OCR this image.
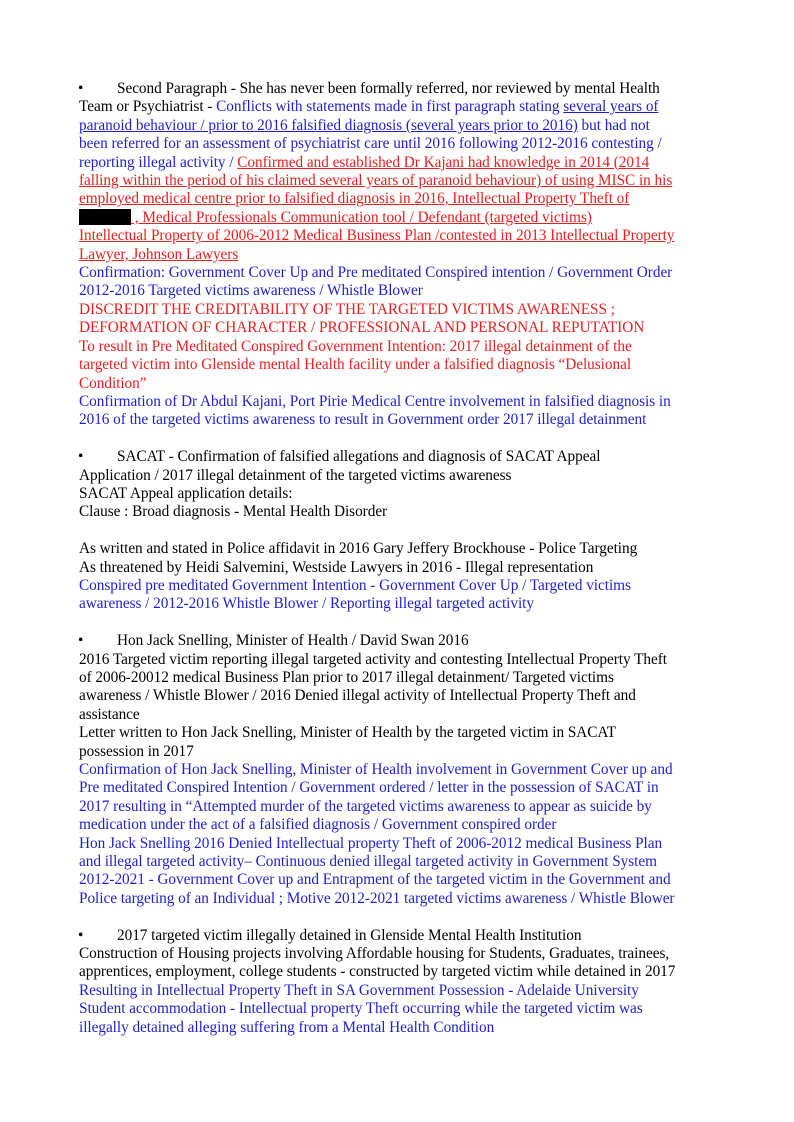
• Second Paragraph - She has never been formally referred, nor reviewed by mental Health
Team or Psychiatrist - Conflicts with statements made in first paragraph stating several years of
paranoid behaviour / prior to 2016 falsified diagnosis (several years prior to 2016) but had not
been referred for an assessment of psychiatrist care until 2016 following 2012-2016 contesting /
reporting illegal activity / Confirmed and established Dr Kajani had knowledge in 2014 (2014
falling within the period of his claimed several years of paranoid behaviour) of using MISC in his
employed medical centre prior to falsified diagnosis in 2016, Intellectual Property Theft of
, Medical Professionals Communication tool / Defendant (targeted victims)
Intellectual Property of 2006-2012 Medical Business Plan /contested in 2013 Intellectual Property
Lawyer, Johnson Lawyers
Confirmation: Government Cover Up and Pre meditated Conspired intention / Government Order
2012-2016 Targeted victims awareness / Whistle Blower
DISCREDIT THE CREDITABILITY OF THE TARGETED VICTIMS AWARENESS ;
DEFORMATION OF CHARACTER / PROFESSIONAL AND PERSONAL REPUTATION
To result in Pre Meditated Conspired Government Intention: 2017 illegal detainment of the
targeted victim into Glenside mental Health facility under a falsified diagnosis “Delusional
Condition”
Confirmation of Dr Abdul Kajani, Port Pirie Medical Centre involvement in falsified diagnosis in
2016 of the targeted victims awareness to result in Government order 2017 illegal detainment
• SACAT - Confirmation of falsified allegations and diagnosis of SACAT Appeal
Application / 2017 illegal detainment of the targeted victims awareness
SACAT Appeal application details:
Clause : Broad diagnosis - Mental Health Disorder

As written and stated in Police affidavit in 2016 Gary Jeffery Brockhouse - Police Targeting
As threatened by Heidi Salvemini, Westside Lawyers in 2016 - Illegal representation
Conspired pre meditated Government Intention - Government Cover Up / Targeted victims
awareness / 2012-2016 Whistle Blower / Reporting illegal targeted activity
• Hon Jack Snelling, Minister of Health / David Swan 2016
2016 Targeted victim reporting illegal targeted activity and contesting Intellectual Property Theft
of 2006-20012 medical Business Plan prior to 2017 illegal detainment/ Targeted victims
awareness / Whistle Blower / 2016 Denied illegal activity of Intellectual Property Theft and
assistance
Letter written to Hon Jack Snelling, Minister of Health by the targeted victim in SACAT
possession in 2017
Confirmation of Hon Jack Snelling, Minister of Health involvement in Government Cover up and
Pre meditated Conspired Intention / Government ordered / letter in the possession of SACAT in
2017 resulting in “Attempted murder of the targeted victims awareness to appear as suicide by
medication under the act of a falsified diagnosis / Government conspired order
Hon Jack Snelling 2016 Denied Intellectual property Theft of 2006-2012 medical Business Plan
and illegal targeted activity– Continuous denied illegal targeted activity in Government System
2012-2021 - Government Cover up and Entrapment of the targeted victim in the Government and
Police targeting of an Individual ; Motive 2012-2021 targeted victims awareness / Whistle Blower
• 2017 targeted victim illegally detained in Glenside Mental Health Institution
Construction of Housing projects involving Affordable housing for Students, Graduates, trainees,
apprentices, employment, college students - constructed by targeted victim while detained in 2017
Resulting in Intellectual Property Theft in SA Government Possession - Adelaide University
Student accommodation - Intellectual property Theft occurring while the targeted victim was
illegally detained alleging suffering from a Mental Health Condition
